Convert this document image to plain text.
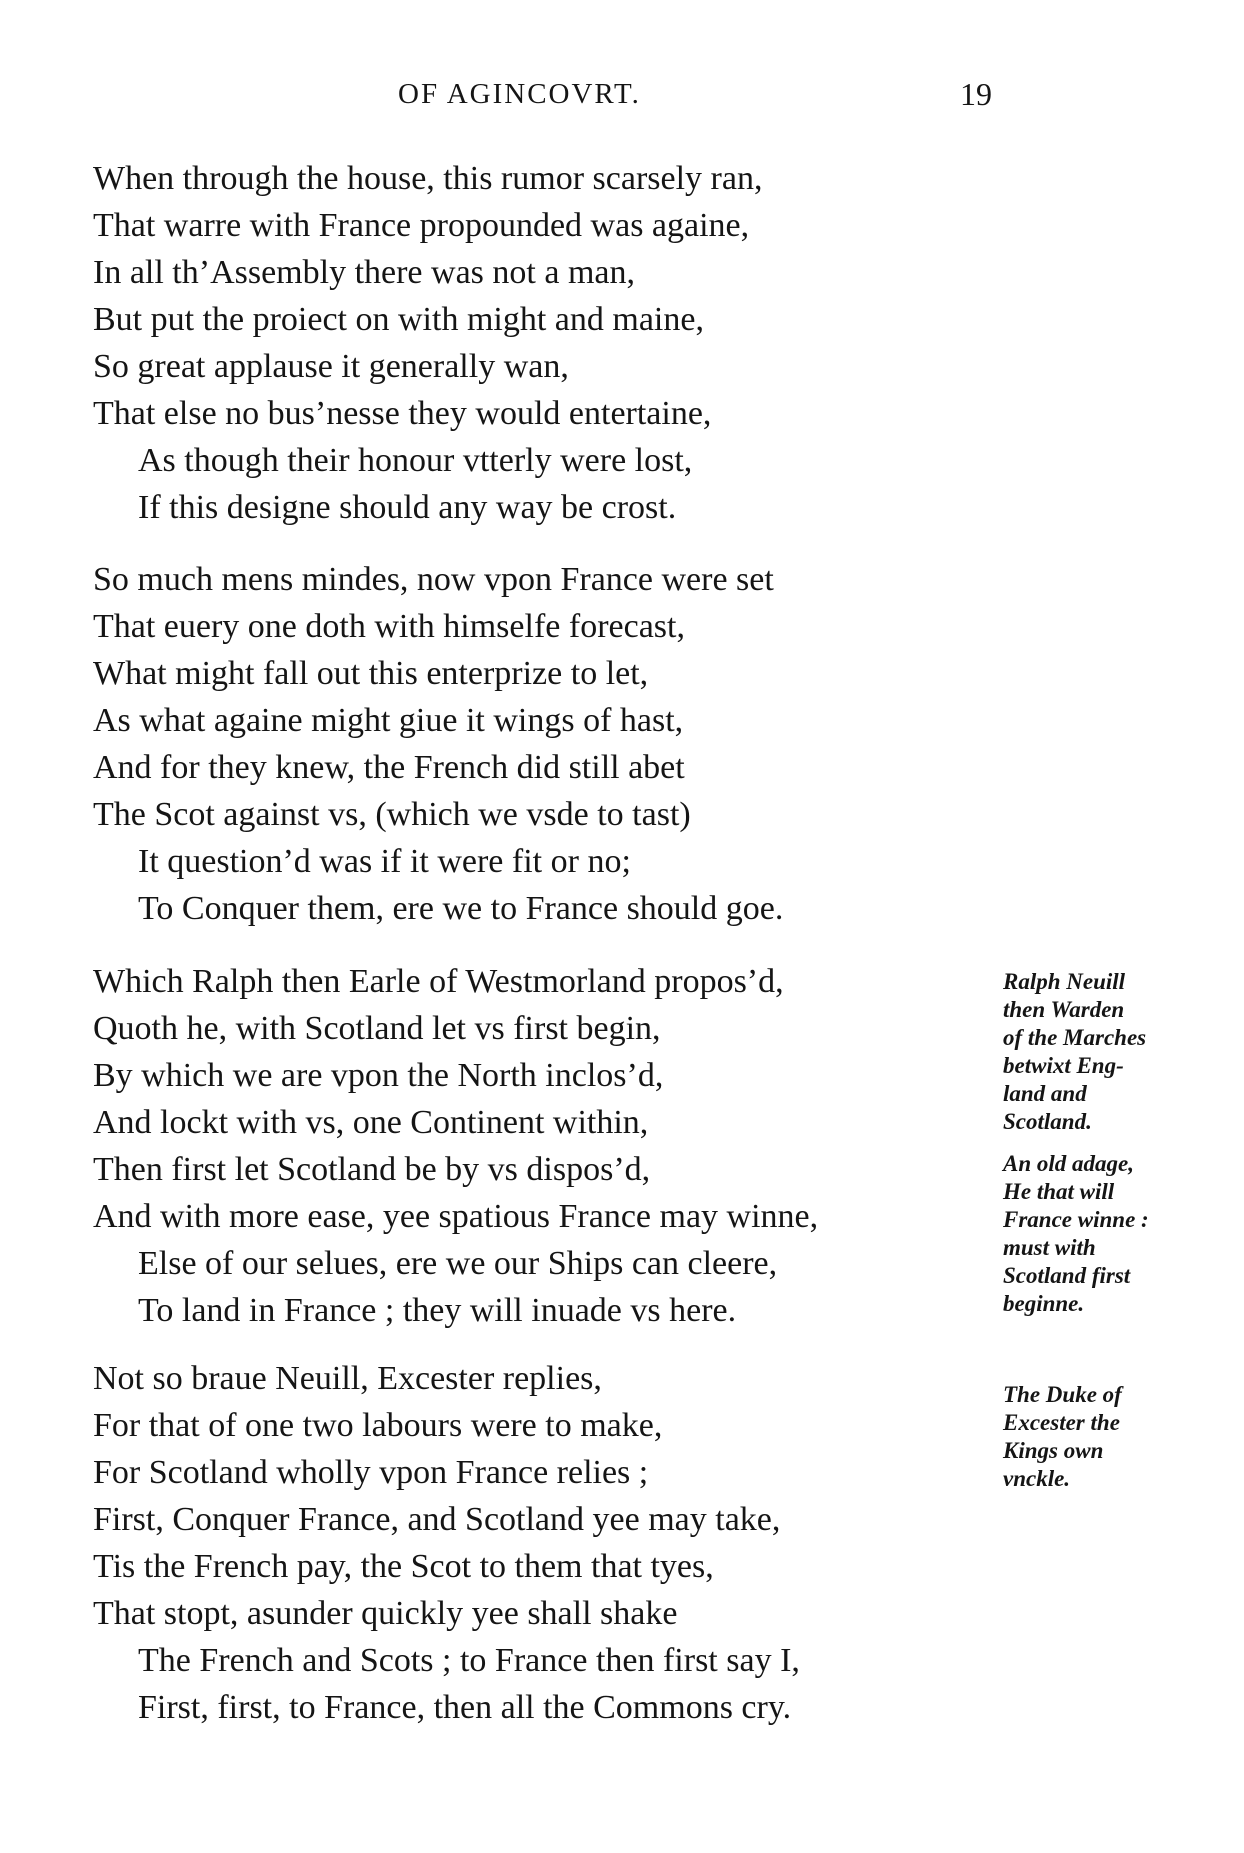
OF AGINCOVRT.	19
When through the house, this rumor scarsely ran,
That warre with France propounded was againe,
In all th’Assembly there was not a man,
But put the proiect on with might and maine,
So great applause it generally wan,
That else no bus’nesse they would entertaine,
As though their honour vtterly were lost,
If this designe should any way be crost.
So much mens mindes, now vpon France were set
That euery one doth with himselfe forecast,
What might fall out this enterprize to let,
As what againe might giue it wings of hast,
And for they knew, the French did still abet
The Scot against vs, (which we vsde to tast)
It question’d was if it were fit or no;
To Conquer them, ere we to France should goe.
Which Ralph then Earle of Westmorland propos’d,
Quoth he, with Scotland let vs first begin,
By which we are vpon the North inclos’d,
And lockt with vs, one Continent within,
Then first let Scotland be by vs dispos’d,
And with more ease, yee spatious France may winne,
Else of our selues, ere we our Ships can cleere,
To land in France ; they will inuade vs here.
Not so braue Neuill, Excester replies,
For that of one two labours were to make,
For Scotland wholly vpon France relies ;
First, Conquer France, and Scotland yee may take,
Tis the French pay, the Scot to them that tyes,
That stopt, asunder quickly yee shall shake
The French and Scots ; to France then first say I,
First, first, to France, then all the Commons cry.
Ralph Neuill
then Warden
of the Marches
betwixt Eng-
land and
Scotland.
An old adage,
He that will
France winne :
must with
Scotland first
beginne.
The Duke of
Excester the
Kings own
vnckle.
